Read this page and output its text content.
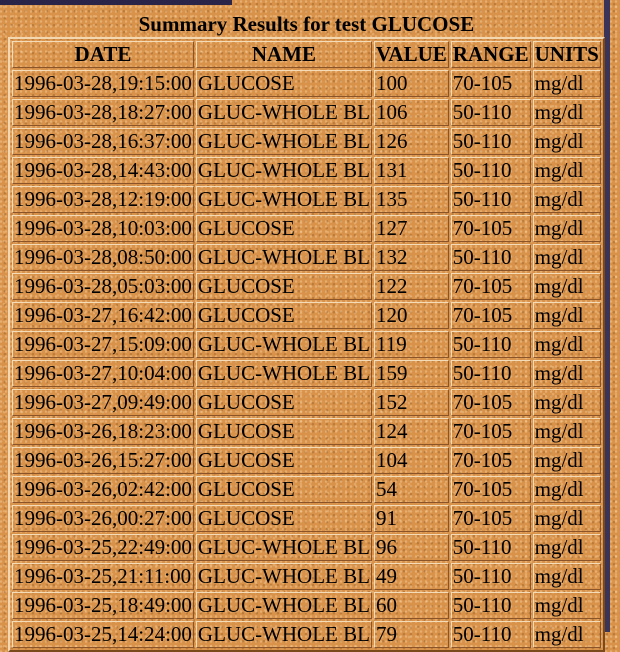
Summary Results for test GLUCOSE
DATE	NAME	VALUE	RANGE	UNITS
1996-03-28,19:15:00	GLUCOSE	100	70-105	mg/dl
1996-03-28,18:27:00	GLUC-WHOLE BL	106	50-110	mg/dl
1996-03-28,16:37:00	GLUC-WHOLE BL	126	50-110	mg/dl
1996-03-28,14:43:00	GLUC-WHOLE BL	131	50-110	mg/dl
1996-03-28,12:19:00	GLUC-WHOLE BL	135	50-110	mg/dl
1996-03-28,10:03:00	GLUCOSE	127	70-105	mg/dl
1996-03-28,08:50:00	GLUC-WHOLE BL	132	50-110	mg/dl
1996-03-28,05:03:00	GLUCOSE	122	70-105	mg/dl
1996-03-27,16:42:00	GLUCOSE	120	70-105	mg/dl
1996-03-27,15:09:00	GLUC-WHOLE BL	119	50-110	mg/dl
1996-03-27,10:04:00	GLUC-WHOLE BL	159	50-110	mg/dl
1996-03-27,09:49:00	GLUCOSE	152	70-105	mg/dl
1996-03-26,18:23:00	GLUCOSE	124	70-105	mg/dl
1996-03-26,15:27:00	GLUCOSE	104	70-105	mg/dl
1996-03-26,02:42:00	GLUCOSE	54	70-105	mg/dl
1996-03-26,00:27:00	GLUCOSE	91	70-105	mg/dl
1996-03-25,22:49:00	GLUC-WHOLE BL	96	50-110	mg/dl
1996-03-25,21:11:00	GLUC-WHOLE BL	49	50-110	mg/dl
1996-03-25,18:49:00	GLUC-WHOLE BL	60	50-110	mg/dl
1996-03-25,14:24:00	GLUC-WHOLE BL	79	50-110	mg/dl
